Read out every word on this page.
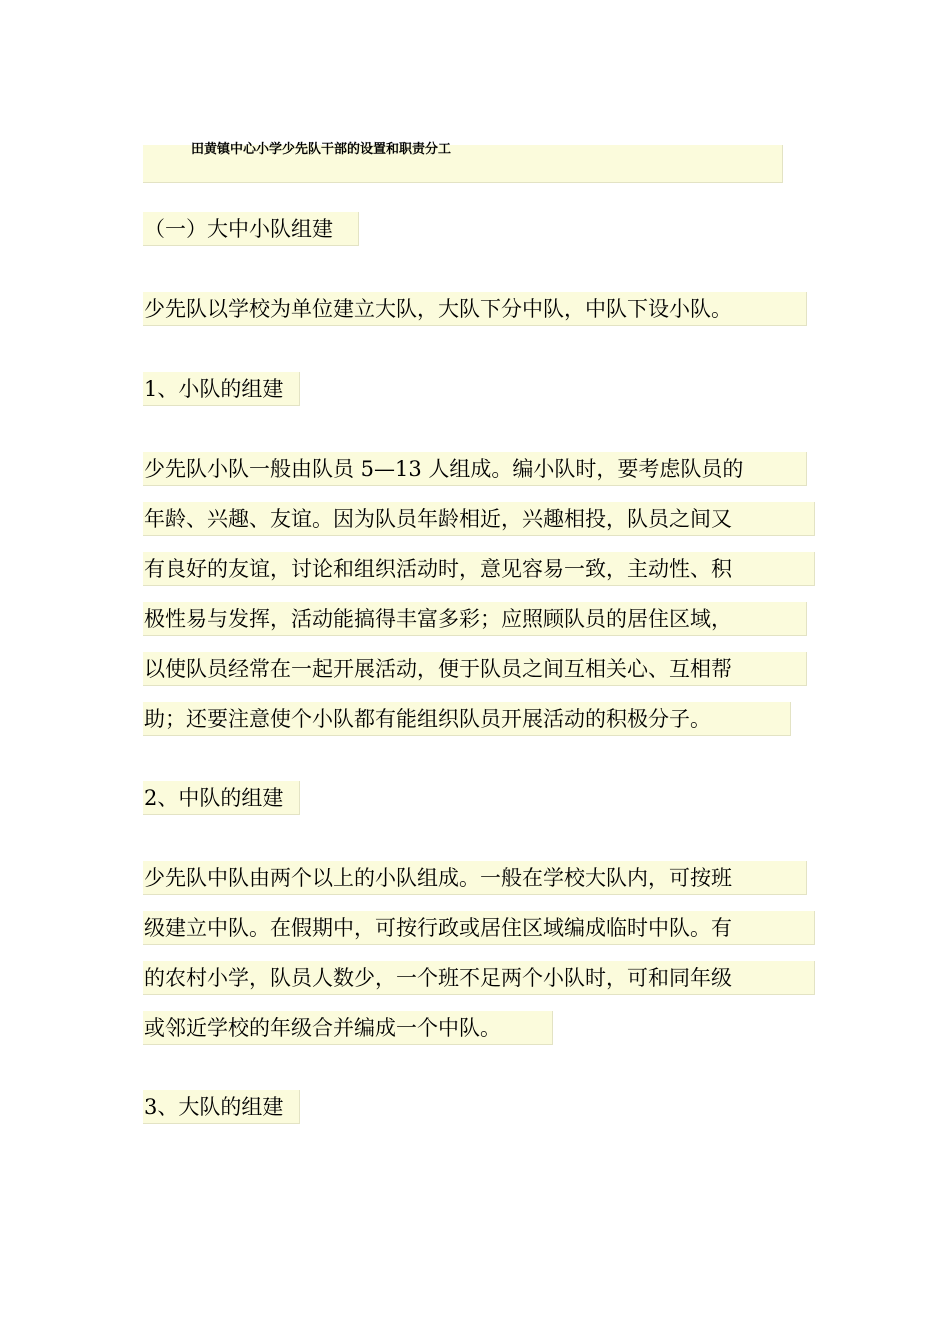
田黄镇中心小学少先队干部的设置和职责分工
（一）大中小队组建
少先队以学校为单位建立大队，大队下分中队，中队下设小队。
1、小队的组建
少先队小队一般由队员 5—13 人组成。编小队时，要考虑队员的
年龄、兴趣、友谊。因为队员年龄相近，兴趣相投，队员之间又
有良好的友谊，讨论和组织活动时，意见容易一致，主动性、积
极性易与发挥，活动能搞得丰富多彩；应照顾队员的居住区域，
以使队员经常在一起开展活动，便于队员之间互相关心、互相帮
助；还要注意使个小队都有能组织队员开展活动的积极分子。
2、中队的组建
少先队中队由两个以上的小队组成。一般在学校大队内，可按班
级建立中队。在假期中，可按行政或居住区域编成临时中队。有
的农村小学，队员人数少，一个班不足两个小队时，可和同年级
或邻近学校的年级合并编成一个中队。
3、大队的组建
